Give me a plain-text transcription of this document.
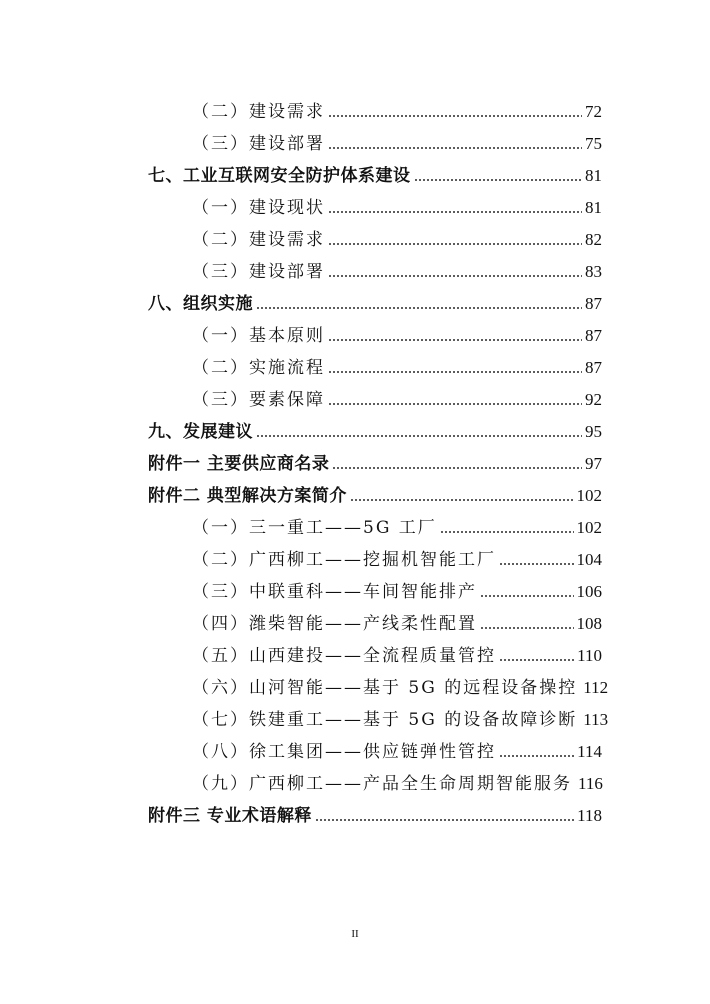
（二）建设需求	72
（三）建设部署	75
七、工业互联网安全防护体系建设	81
（一）建设现状	81
（二）建设需求	82
（三）建设部署	83
八、组织实施	87
（一）基本原则	87
（二）实施流程	87
（三）要素保障	92
九、发展建议	95
附件一 主要供应商名录	97
附件二 典型解决方案简介	102
（一）三一重工——5G 工厂	102
（二）广西柳工——挖掘机智能工厂	104
（三）中联重科——车间智能排产	106
（四）潍柴智能——产线柔性配置	108
（五）山西建投——全流程质量管控	110
（六）山河智能——基于 5G 的远程设备操控 112
（七）铁建重工——基于 5G 的设备故障诊断 113
（八）徐工集团——供应链弹性管控	114
（九）广西柳工——产品全生命周期智能服务 116
附件三 专业术语解释	118
II
